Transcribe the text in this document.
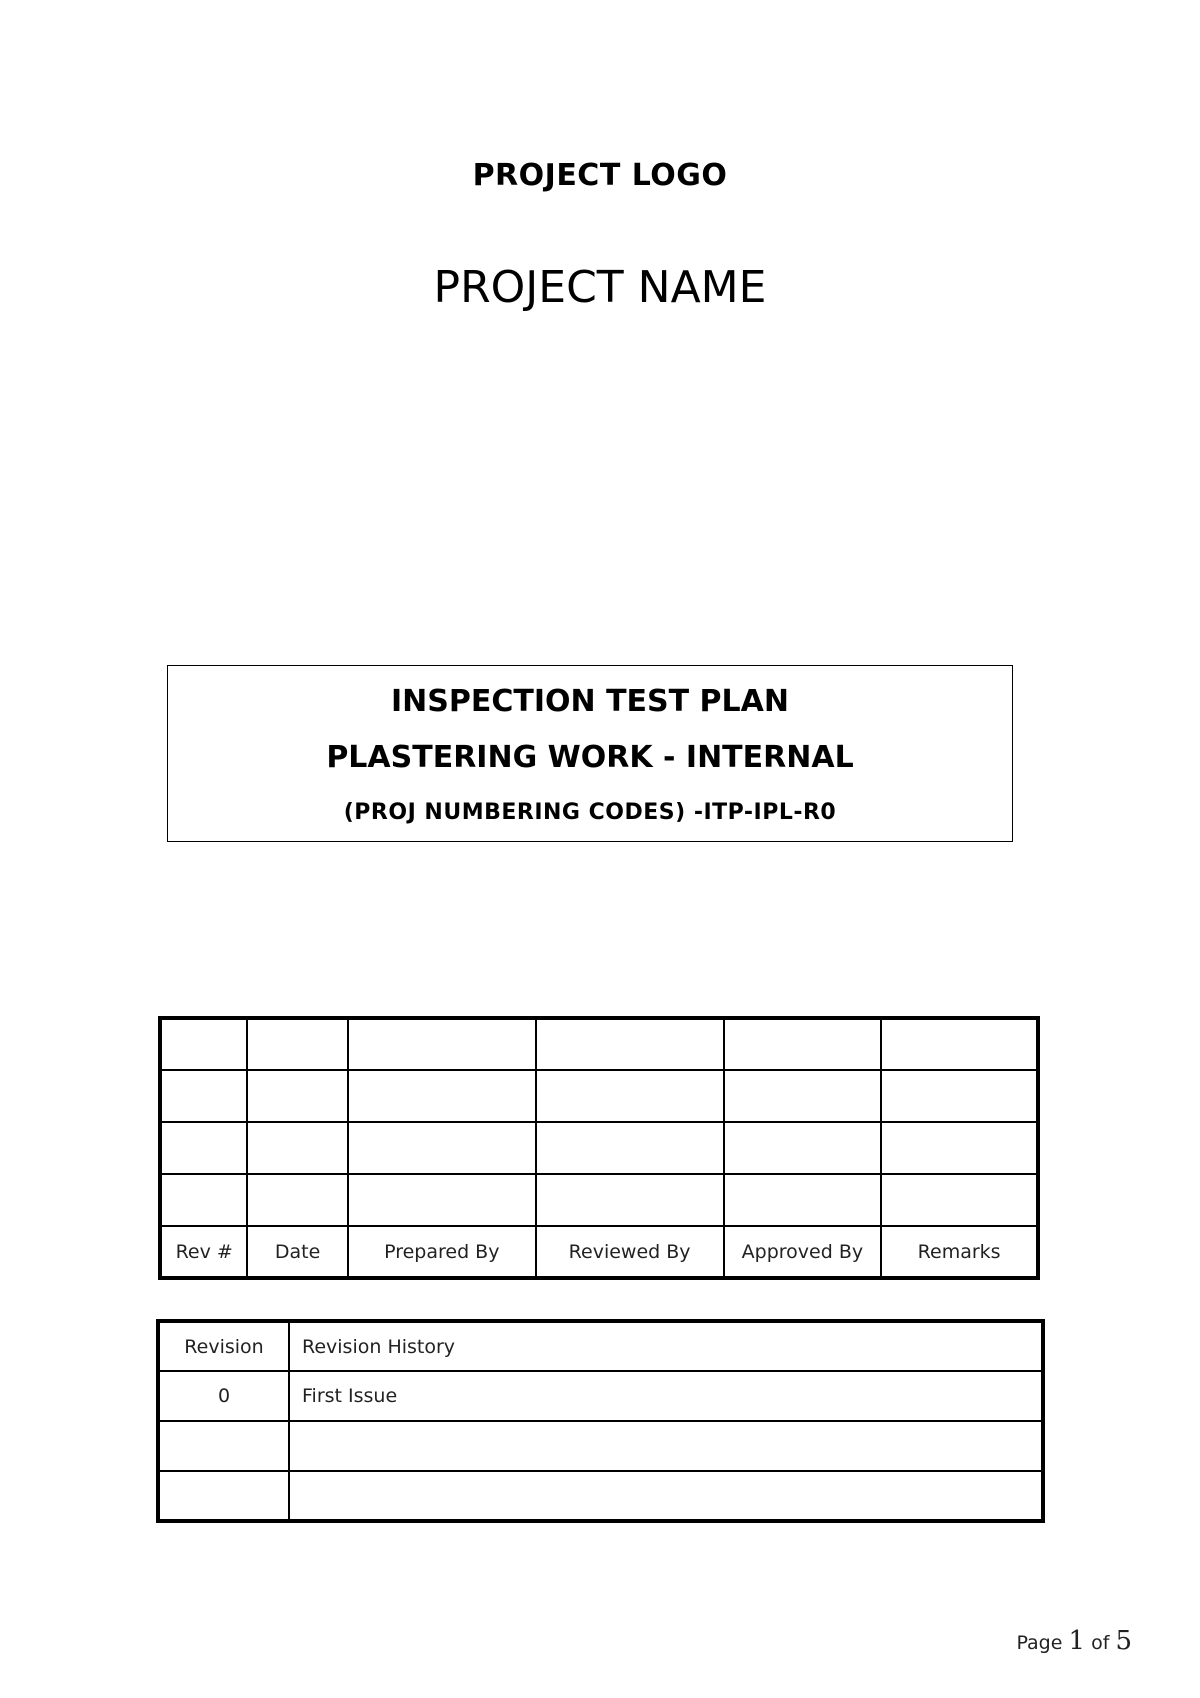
PROJECT LOGO
PROJECT NAME
INSPECTION TEST PLAN
PLASTERING WORK - INTERNAL
(PROJ NUMBERING CODES) -ITP-IPL-R0

Rev #	Date	Prepared By	Reviewed By	Approved By	Remarks
Revision	Revision History
0	First Issue

Page 1 of 5
